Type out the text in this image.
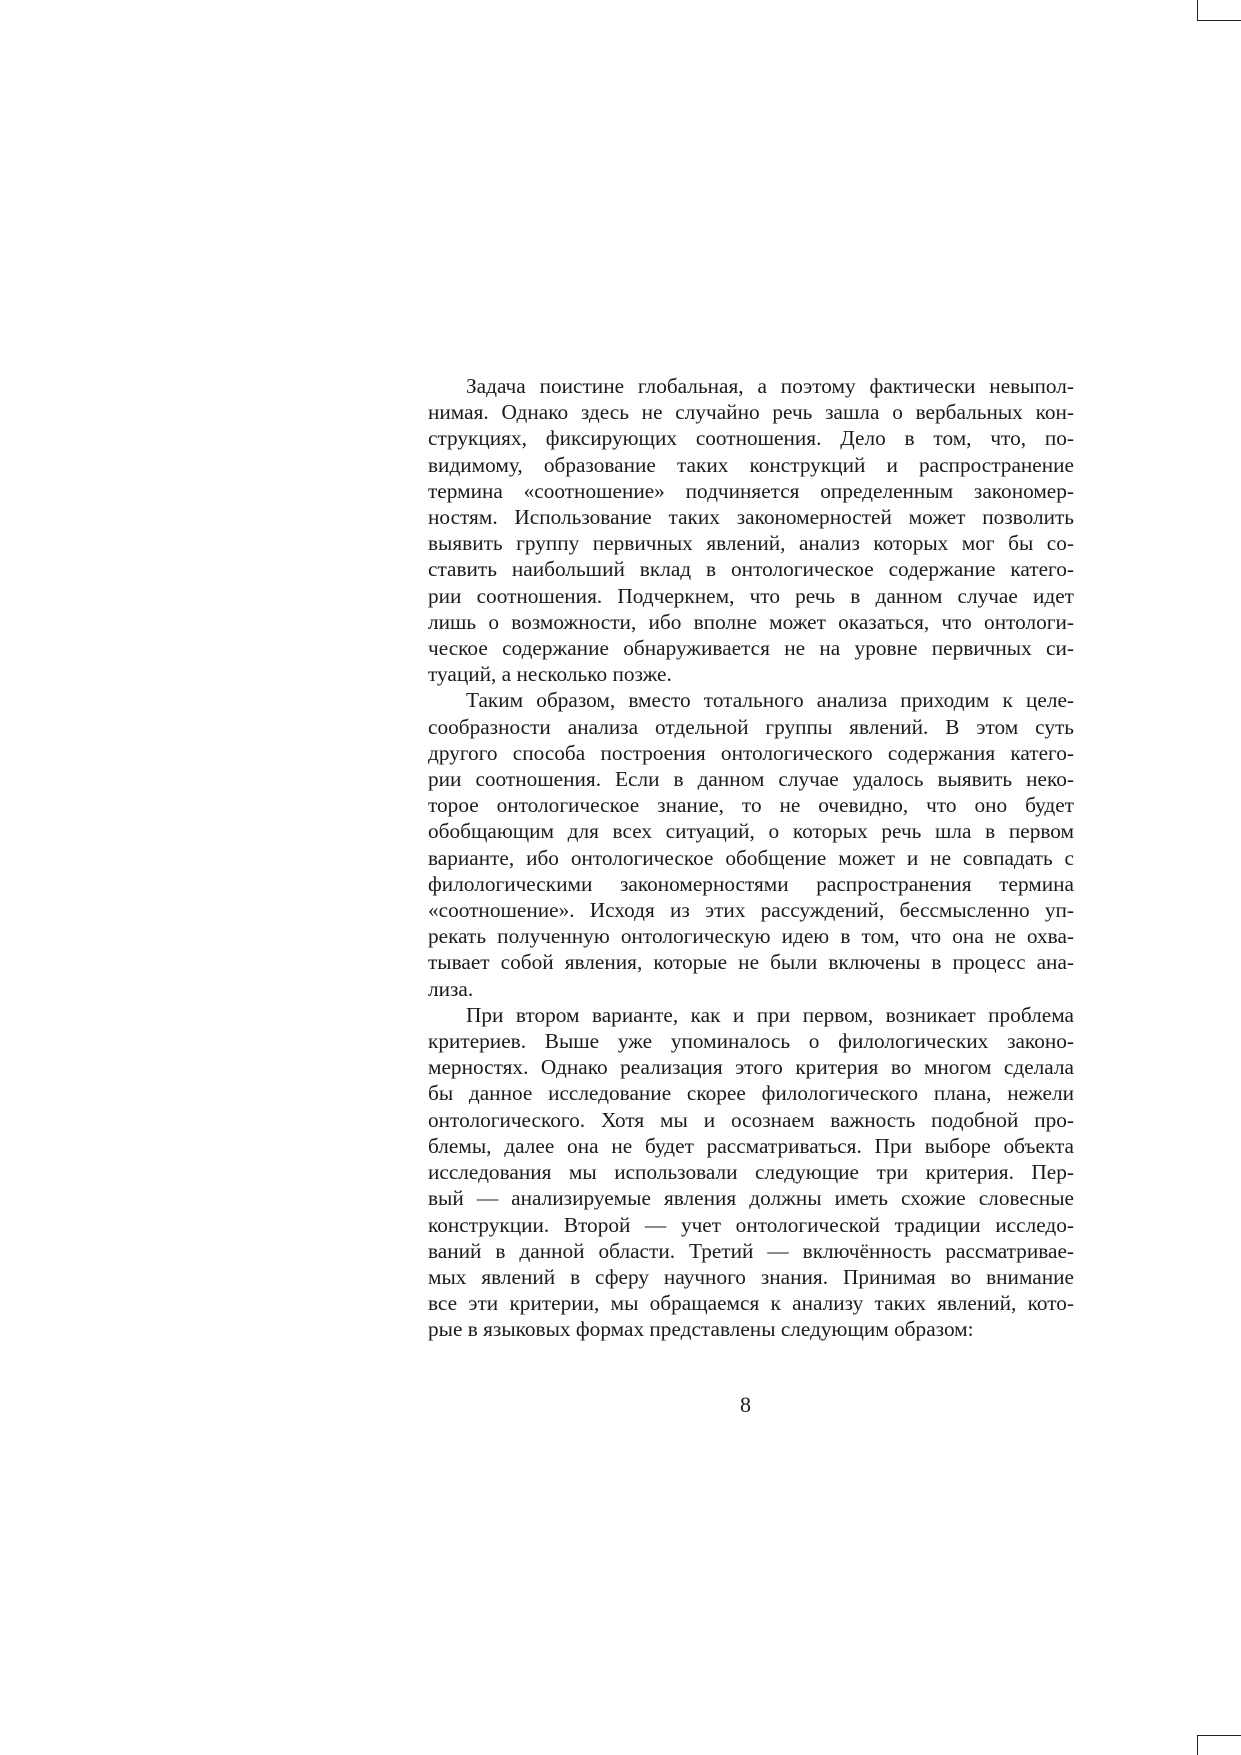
Задача поистине глобальная, а поэтому фактически невыпол-
нимая. Однако здесь не случайно речь зашла о вербальных кон-
струкциях, фиксирующих соотношения. Дело в том, что, по-
видимому, образование таких конструкций и распространение
термина «соотношение» подчиняется определенным закономер-
ностям. Использование таких закономерностей может позволить
выявить группу первичных явлений, анализ которых мог бы со-
ставить наибольший вклад в онтологическое содержание катего-
рии соотношения. Подчеркнем, что речь в данном случае идет
лишь о возможности, ибо вполне может оказаться, что онтологи-
ческое содержание обнаруживается не на уровне первичных си-
туаций, а несколько позже.

Таким образом, вместо тотального анализа приходим к целе-
сообразности анализа отдельной группы явлений. В этом суть
другого способа построения онтологического содержания катего-
рии соотношения. Если в данном случае удалось выявить неко-
торое онтологическое знание, то не очевидно, что оно будет
обобщающим для всех ситуаций, о которых речь шла в первом
варианте, ибо онтологическое обобщение может и не совпадать с
филологическими закономерностями распространения термина
«соотношение». Исходя из этих рассуждений, бессмысленно уп-
рекать полученную онтологическую идею в том, что она не охва-
тывает собой явления, которые не были включены в процесс ана-
лиза.

При втором варианте, как и при первом, возникает проблема
критериев. Выше уже упоминалось о филологических законо-
мерностях. Однако реализация этого критерия во многом сделала
бы данное исследование скорее филологического плана, нежели
онтологического. Хотя мы и осознаем важность подобной про-
блемы, далее она не будет рассматриваться. При выборе объекта
исследования мы использовали следующие три критерия. Пер-
вый — анализируемые явления должны иметь схожие словесные
конструкции. Второй — учет онтологической традиции исследо-
ваний в данной области. Третий — включённость рассматривае-
мых явлений в сферу научного знания. Принимая во внимание
все эти критерии, мы обращаемся к анализу таких явлений, кото-
рые в языковых формах представлены следующим образом:

8
